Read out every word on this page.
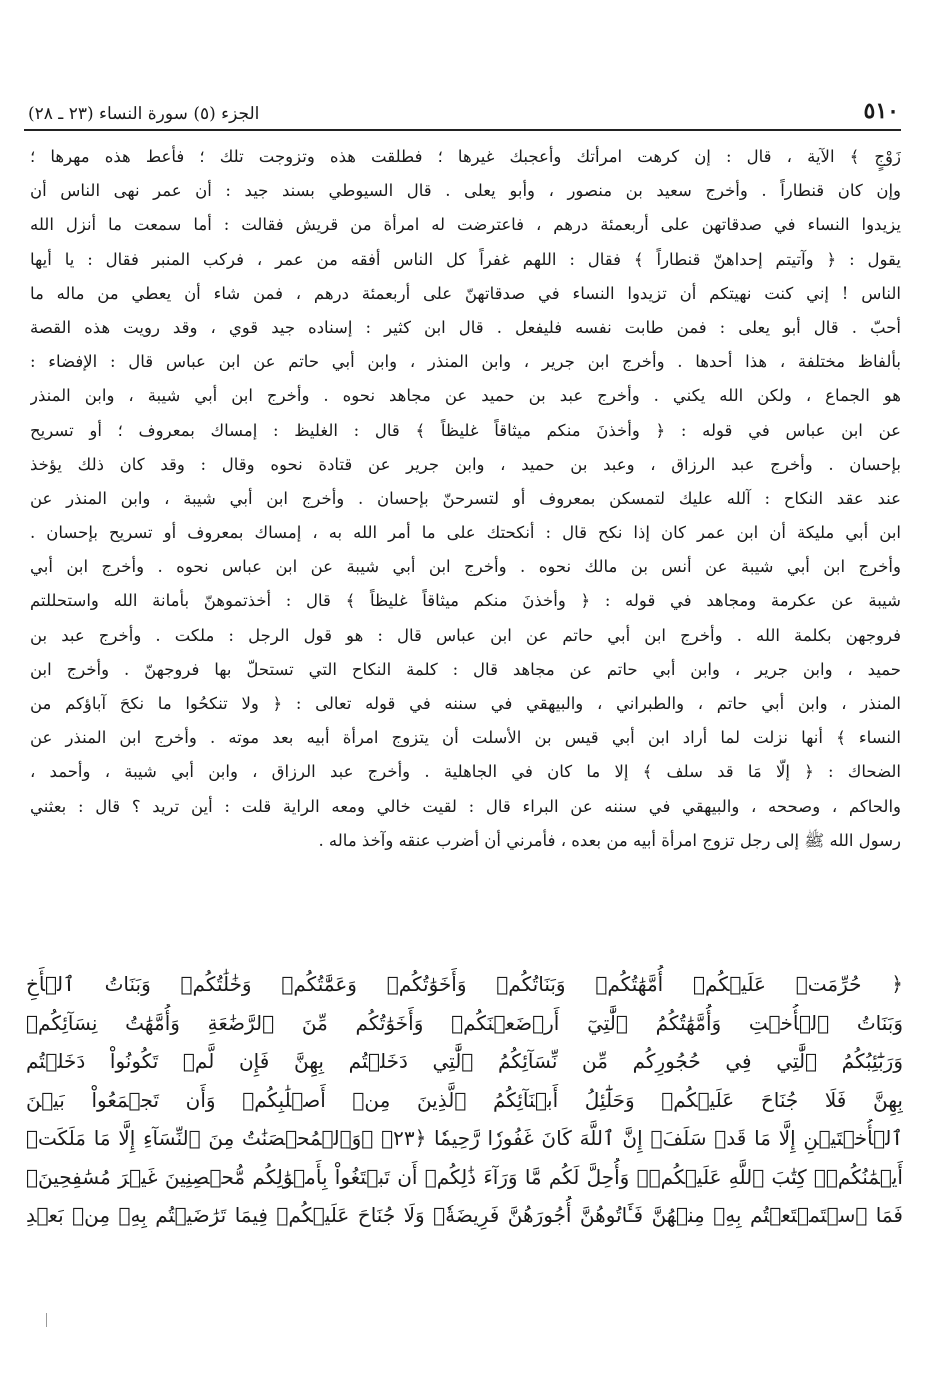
٥١٠
الجزء (٥) سورة النساء (٢٣ ـ ٢٨)
زَوْجٍ ﴾ الآية ، قال : إن كرهت امرأتك وأعجبك غيرها ؛ فطلقت هذه وتزوجت تلك ؛ فأعط هذه مهرها ؛
وإن كان قنطاراً . وأخرج سعيد بن منصور ، وأبو يعلى . قال السيوطي بسند جيد : أن عمر نهى الناس أن
يزيدوا النساء في صدقاتهن على أربعمئة درهم ، فاعترضت له امرأة من قريش فقالت : أما سمعت ما أنزل الله
يقول : ﴿ وآتيتم إحداهنّ قنطاراً ﴾ فقال : اللهم غفراً كل الناس أفقه من عمر ، فركب المنبر فقال : يا أيها
الناس ! إني كنت نهيتكم أن تزيدوا النساء في صدقاتهنّ على أربعمئة درهم ، فمن شاء أن يعطي من ماله ما
أحبّ . قال أبو يعلى : فمن طابت نفسه فليفعل . قال ابن كثير : إسناده جيد قوي ، وقد رويت هذه القصة
بألفاظ مختلفة ، هذا أحدها . وأخرج ابن جرير ، وابن المنذر ، وابن أبي حاتم عن ابن عباس قال : الإفضاء :
هو الجماع ، ولكن الله يكني . وأخرج عبد بن حميد عن مجاهد نحوه . وأخرج ابن أبي شيبة ، وابن المنذر
عن ابن عباس في قوله : ﴿ وأخذنَ منكم ميثاقاً غليظاً ﴾ قال : الغليظ : إمساك بمعروف ؛ أو تسريح
بإحسان . وأخرج عبد الرزاق ، وعبد بن حميد ، وابن جرير عن قتادة نحوه وقال : وقد كان ذلك يؤخذ
عند عقد النكاح : آلله عليك لتمسكن بمعروف أو لتسرحنّ بإحسان . وأخرج ابن أبي شيبة ، وابن المنذر عن
ابن أبي مليكة أن ابن عمر كان إذا نكح قال : أنكحتك على ما أمر الله به ، إمساك بمعروف أو تسريح بإحسان .
وأخرج ابن أبي شيبة عن أنس بن مالك نحوه . وأخرج ابن أبي شيبة عن ابن عباس نحوه . وأخرج ابن أبي
شيبة عن عكرمة ومجاهد في قوله : ﴿ وأخذنَ منكم ميثاقاً غليظاً ﴾ قال : أخذتموهنّ بأمانة الله واستحللتم
فروجهن بكلمة الله . وأخرج ابن أبي حاتم عن ابن عباس قال : هو قول الرجل : ملكت . وأخرج عبد بن
حميد ، وابن جرير ، وابن أبي حاتم عن مجاهد قال : كلمة النكاح التي تستحلّ بها فروجهنّ . وأخرج ابن
المنذر ، وابن أبي حاتم ، والطبراني ، والبيهقي في سننه في قوله تعالى : ﴿ ولا تنكحُوا ما نكحَ آباؤكم من
النساء ﴾ أنها نزلت لما أراد ابن أبي قيس بن الأسلت أن يتزوج امرأة أبيه بعد موته . وأخرج ابن المنذر عن
الضحاك : ﴿ إلّا مَا قد سلف ﴾ إلا ما كان في الجاهلية . وأخرج عبد الرزاق ، وابن أبي شيبة ، وأحمد ،
والحاكم ، وصححه ، والبيهقي في سننه عن البراء قال : لقيت خالي ومعه الراية قلت : أين تريد ؟ قال : بعثني
رسول الله ﷺ إلى رجل تزوج امرأة أبيه من بعده ، فأمرني أن أضرب عنقه وآخذ ماله .
﴿ حُرِّمَتۡ عَلَيۡكُمۡ أُمَّهَٰتُكُمۡ وَبَنَاتُكُمۡ وَأَخَوَٰتُكُمۡ وَعَمَّٰتُكُمۡ وَخَٰلَٰتُكُمۡ وَبَنَاتُ ٱلۡأَخِ
وَبَنَاتُ ٱلۡأُخۡتِ وَأُمَّهَٰتُكُمُ ٱلَّٰتِيٓ أَرۡضَعۡنَكُمۡ وَأَخَوَٰتُكُم مِّنَ ٱلرَّضَٰعَةِ وَأُمَّهَٰتُ نِسَآئِكُمۡ
وَرَبَٰٓئِبُكُمُ ٱلَّٰتِي فِي حُجُورِكُم مِّن نِّسَآئِكُمُ ٱلَّٰتِي دَخَلۡتُم بِهِنَّ فَإِن لَّمۡ تَكُونُواْ دَخَلۡتُم
بِهِنَّ فَلَا جُنَاحَ عَلَيۡكُمۡ وَحَلَٰٓئِلُ أَبۡنَآئِكُمُ ٱلَّذِينَ مِنۡ أَصۡلَٰبِكُمۡ وَأَن تَجۡمَعُواْ بَيۡنَ
ٱلۡأُخۡتَيۡنِ إِلَّا مَا قَدۡ سَلَفَۗ إِنَّ ٱللَّهَ كَانَ غَفُورٗا رَّحِيمٗا ﴿٢٣﴾ ۞وَٱلۡمُحۡصَنَٰتُ مِنَ ٱلنِّسَآءِ إِلَّا مَا مَلَكَتۡ
أَيۡمَٰنُكُمۡۖ كِتَٰبَ ٱللَّهِ عَلَيۡكُمۡۚ وَأُحِلَّ لَكُم مَّا وَرَآءَ ذَٰلِكُمۡ أَن تَبۡتَغُواْ بِأَمۡوَٰلِكُم مُّحۡصِنِينَ غَيۡرَ مُسَٰفِحِينَۚ
فَمَا ٱسۡتَمۡتَعۡتُم بِهِۦ مِنۡهُنَّ فَـَٔاتُوهُنَّ أُجُورَهُنَّ فَرِيضَةٗۚ وَلَا جُنَاحَ عَلَيۡكُمۡ فِيمَا تَرَٰضَيۡتُم بِهِۦ مِنۢ بَعۡدِ
